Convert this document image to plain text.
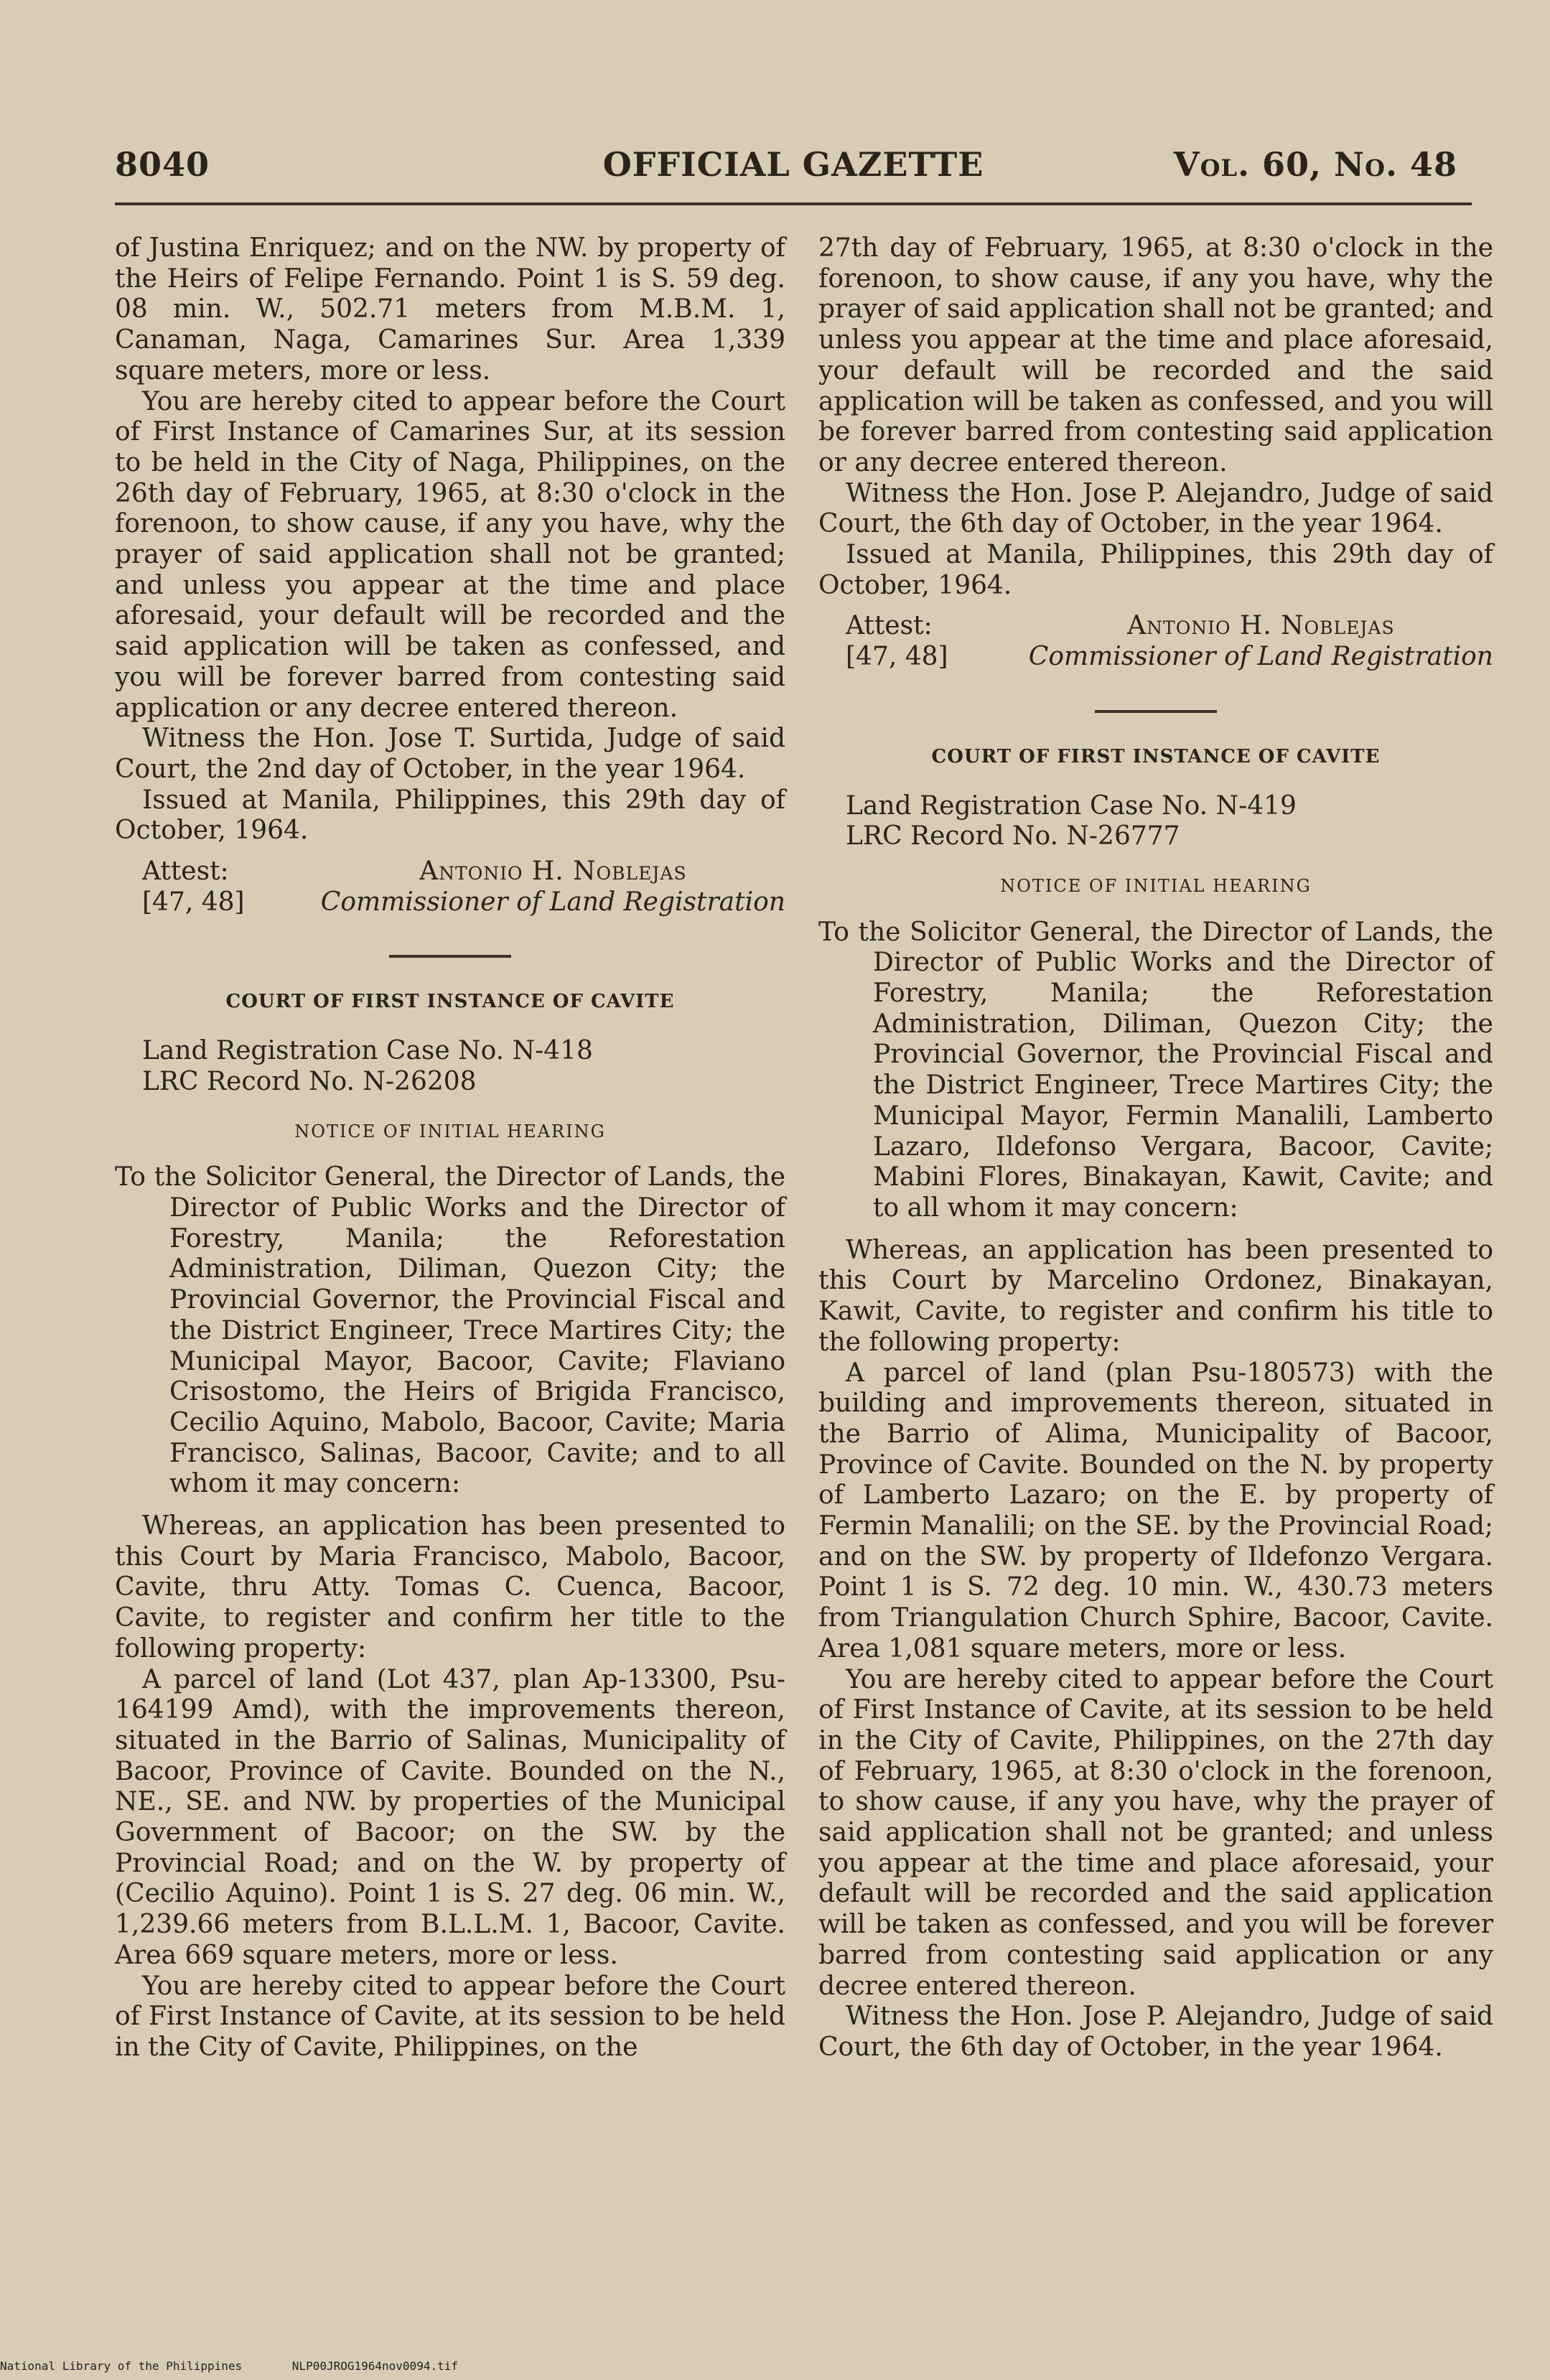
8040	OFFICIAL GAZETTE	Vol. 60, No. 48

of Justina Enriquez; and on the NW. by property of the Heirs of Felipe Fernando. Point 1 is S. 59 deg. 08 min. W., 502.71 meters from M.B.M. 1, Canaman, Naga, Camarines Sur. Area 1,339 square meters, more or less.

You are hereby cited to appear before the Court of First Instance of Camarines Sur, at its session to be held in the City of Naga, Philippines, on the 26th day of February, 1965, at 8:30 o'clock in the forenoon, to show cause, if any you have, why the prayer of said application shall not be granted; and unless you appear at the time and place aforesaid, your default will be recorded and the said application will be taken as confessed, and you will be forever barred from contesting said application or any decree entered thereon.

Witness the Hon. Jose T. Surtida, Judge of said Court, the 2nd day of October, in the year 1964.

Issued at Manila, Philippines, this 29th day of October, 1964.

Attest:
[47, 48]
Antonio H. Noblejas
Commissioner of Land Registration
COURT OF FIRST INSTANCE OF CAVITE

Land Registration Case No. N-418

LRC Record No. N-26208

NOTICE OF INITIAL HEARING

To the Solicitor General, the Director of Lands, the Director of Public Works and the Director of Forestry, Manila; the Reforestation Administration, Diliman, Quezon City; the Provincial Governor, the Provincial Fiscal and the District Engineer, Trece Martires City; the Municipal Mayor, Bacoor, Cavite; Flaviano Crisostomo, the Heirs of Brigida Francisco, Cecilio Aquino, Mabolo, Bacoor, Cavite; Maria Francisco, Salinas, Bacoor, Cavite; and to all whom it may concern:

Whereas, an application has been presented to this Court by Maria Francisco, Mabolo, Bacoor, Cavite, thru Atty. Tomas C. Cuenca, Bacoor, Cavite, to register and confirm her title to the following property:

A parcel of land (Lot 437, plan Ap-13300, Psu-164199 Amd), with the improvements thereon, situated in the Barrio of Salinas, Municipality of Bacoor, Province of Cavite. Bounded on the N., NE., SE. and NW. by properties of the Municipal Government of Bacoor; on the SW. by the Provincial Road; and on the W. by property of (Cecilio Aquino). Point 1 is S. 27 deg. 06 min. W., 1,239.66 meters from B.L.L.M. 1, Bacoor, Cavite. Area 669 square meters, more or less.

You are hereby cited to appear before the Court of First Instance of Cavite, at its session to be held in the City of Cavite, Philippines, on the

27th day of February, 1965, at 8:30 o'clock in the forenoon, to show cause, if any you have, why the prayer of said application shall not be granted; and unless you appear at the time and place aforesaid, your default will be recorded and the said application will be taken as confessed, and you will be forever barred from contesting said application or any decree entered thereon.

Witness the Hon. Jose P. Alejandro, Judge of said Court, the 6th day of October, in the year 1964.

Issued at Manila, Philippines, this 29th day of October, 1964.

Attest:
[47, 48]
Antonio H. Noblejas
Commissioner of Land Registration
COURT OF FIRST INSTANCE OF CAVITE

Land Registration Case No. N-419

LRC Record No. N-26777

NOTICE OF INITIAL HEARING

To the Solicitor General, the Director of Lands, the Director of Public Works and the Director of Forestry, Manila; the Reforestation Administration, Diliman, Quezon City; the Provincial Governor, the Provincial Fiscal and the District Engineer, Trece Martires City; the Municipal Mayor, Fermin Manalili, Lamberto Lazaro, Ildefonso Vergara, Bacoor, Cavite; Mabini Flores, Binakayan, Kawit, Cavite; and to all whom it may concern:

Whereas, an application has been presented to this Court by Marcelino Ordonez, Binakayan, Kawit, Cavite, to register and confirm his title to the following property:

A parcel of land (plan Psu-180573) with the building and improvements thereon, situated in the Barrio of Alima, Municipality of Bacoor, Province of Cavite. Bounded on the N. by property of Lamberto Lazaro; on the E. by property of Fermin Manalili; on the SE. by the Provincial Road; and on the SW. by property of Ildefonzo Vergara. Point 1 is S. 72 deg. 10 min. W., 430.73 meters from Triangulation Church Sphire, Bacoor, Cavite. Area 1,081 square meters, more or less.

You are hereby cited to appear before the Court of First Instance of Cavite, at its session to be held in the City of Cavite, Philippines, on the 27th day of February, 1965, at 8:30 o'clock in the forenoon, to show cause, if any you have, why the prayer of said application shall not be granted; and unless you appear at the time and place aforesaid, your default will be recorded and the said application will be taken as confessed, and you will be forever barred from contesting said application or any decree entered thereon.

Witness the Hon. Jose P. Alejandro, Judge of said Court, the 6th day of October, in the year 1964.

National Library of the Philippines	NLP00JROG1964nov0094.tif
